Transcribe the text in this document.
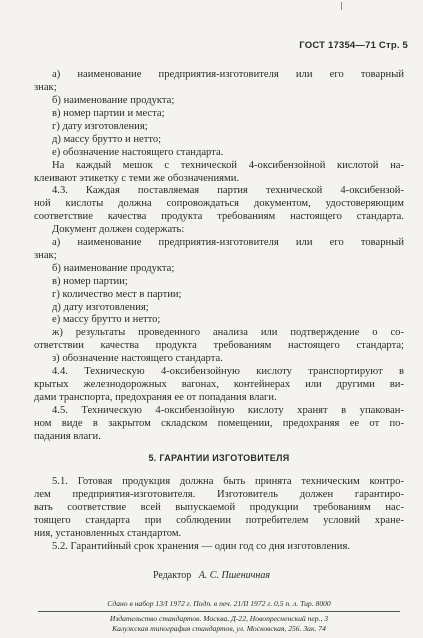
ГОСТ 17354—71 Стр. 5
а) наименование предприятия-изготовителя или его товарный
знак;
б) наименование продукта;
в) номер партии и места;
г) дату изготовления;
д) массу брутто и нетто;
е) обозначение настоящего стандарта.
На каждый мешок с технической 4-оксибензойной кислотой на-
клеивают этикетку с теми же обозначениями.
4.3. Каждая поставляемая партия технической 4-оксибензой-
ной кислоты должна сопровождаться документом, удостоверяющим
соответствие качества продукта требованиям настоящего стандарта.
Документ должен содержать:
а) наименование предприятия-изготовителя или его товарный
знак;
б) наименование продукта;
в) номер партии;
г) количество мест в партии;
д) дату изготовления;
е) массу брутто и нетто;
ж) результаты проведенного анализа или подтверждение о со-
ответствии качества продукта требованиям настоящего стандарта;
з) обозначение настоящего стандарта.
4.4. Техническую 4-оксибензойную кислоту транспортируют в
крытых железнодорожных вагонах, контейнерах или другими ви-
дами транспорта, предохраняя ее от попадания влаги.
4.5. Техническую 4-оксибензойную кислоту хранят в упакован-
ном виде в закрытом складском помещении, предохраняя ее от по-
падания влаги.
5. ГАРАНТИИ ИЗГОТОВИТЕЛЯ
5.1. Готовая продукция должна быть принята техническим контро-
лем предприятия-изготовителя. Изготовитель должен гарантиро-
вать соответствие всей выпускаемой продукции требованиям нас-
тоящего стандарта при соблюдении потребителем условий хране-
ния, установленных стандартом.
5.2. Гарантийный срок хранения — один год со дня изготовления.
Редактор А. С. Пшеничная
Сдано в набор 13/I 1972 г. Подп. в печ. 21/II 1972 г. 0,5 п. л. Тир. 8000
Издательство стандартов. Москва, Д-22, Новопресненский пер., 3
Калужская типография стандартов, ул. Московская, 256. Зак. 74
